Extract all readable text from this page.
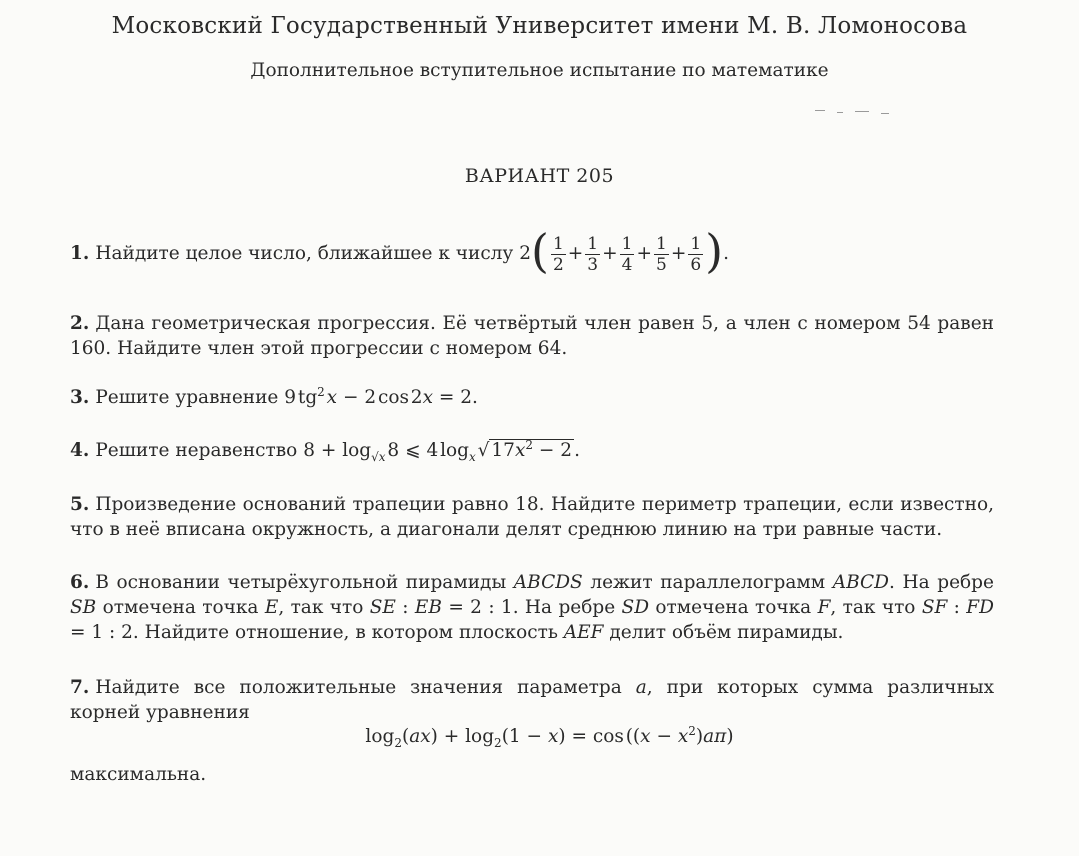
Московский Государственный Университет имени М. В. Ломоносова
Дополнительное вступительное испытание по математике
ВАРИАНТ 205
1. Найдите целое число, ближайшее к числу $2( \frac{1}{2} + \frac{1}{3} + \frac{1}{4} + \frac{1}{5} + \frac{1}{6}$ ).
2. Дана геометрическая прогрессия. Её четвёртый член равен 5, а член с номером 54 равен 160. Найдите член этой прогрессии с номером 64.
3. Решите уравнение 9 $tg^2$ x − 2 cos 2x = 2.
4. Решите неравенство $8 + \log_{√x}$ 8 ⩽ 4 $\log_x$ √ $17x^2 - 2$ .
5. Произведение оснований трапеции равно 18. Найдите периметр трапеции, если известно, что в неё вписана окружность, а диагонали делят среднюю линию на три равные части.
6. В основании четырёхугольной пирамиды ABCDS лежит параллелограмм ABCD. На ребре SB отмечена точка E, так что SE : EB = 2 : 1. На ребре SD отмечена точка F, так что SF : FD = 1 : 2. Найдите отношение, в котором плоскость AEF делит объём пирамиды.
7. Найдите все положительные значения параметра a, при которых сумма различных корней уравнения
$\log_2(ax) + \log_2(1 - x) = \cos$ $((x - x^2)a\pi)$
максимальна.
